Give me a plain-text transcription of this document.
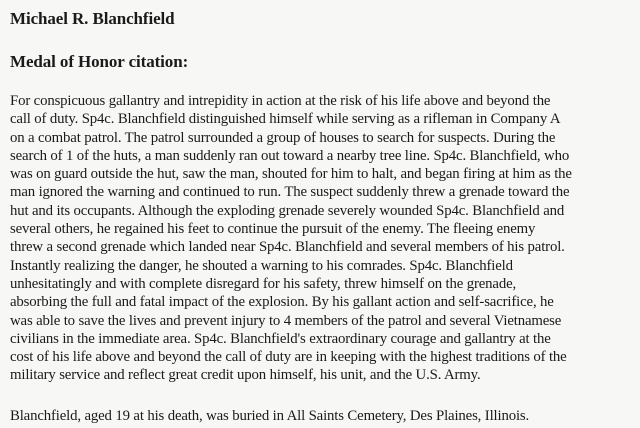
Michael R. Blanchfield
Medal of Honor citation:
For conspicuous gallantry and intrepidity in action at the risk of his life above and beyond the
call of duty. Sp4c. Blanchfield distinguished himself while serving as a rifleman in Company A
on a combat patrol. The patrol surrounded a group of houses to search for suspects. During the
search of 1 of the huts, a man suddenly ran out toward a nearby tree line. Sp4c. Blanchfield, who
was on guard outside the hut, saw the man, shouted for him to halt, and began firing at him as the
man ignored the warning and continued to run. The suspect suddenly threw a grenade toward the
hut and its occupants. Although the exploding grenade severely wounded Sp4c. Blanchfield and
several others, he regained his feet to continue the pursuit of the enemy. The fleeing enemy
threw a second grenade which landed near Sp4c. Blanchfield and several members of his patrol.
Instantly realizing the danger, he shouted a warning to his comrades. Sp4c. Blanchfield
unhesitatingly and with complete disregard for his safety, threw himself on the grenade,
absorbing the full and fatal impact of the explosion. By his gallant action and self-sacrifice, he
was able to save the lives and prevent injury to 4 members of the patrol and several Vietnamese
civilians in the immediate area. Sp4c. Blanchfield's extraordinary courage and gallantry at the
cost of his life above and beyond the call of duty are in keeping with the highest traditions of the
military service and reflect great credit upon himself, his unit, and the U.S. Army.

Blanchfield, aged 19 at his death, was buried in All Saints Cemetery, Des Plaines, Illinois.
